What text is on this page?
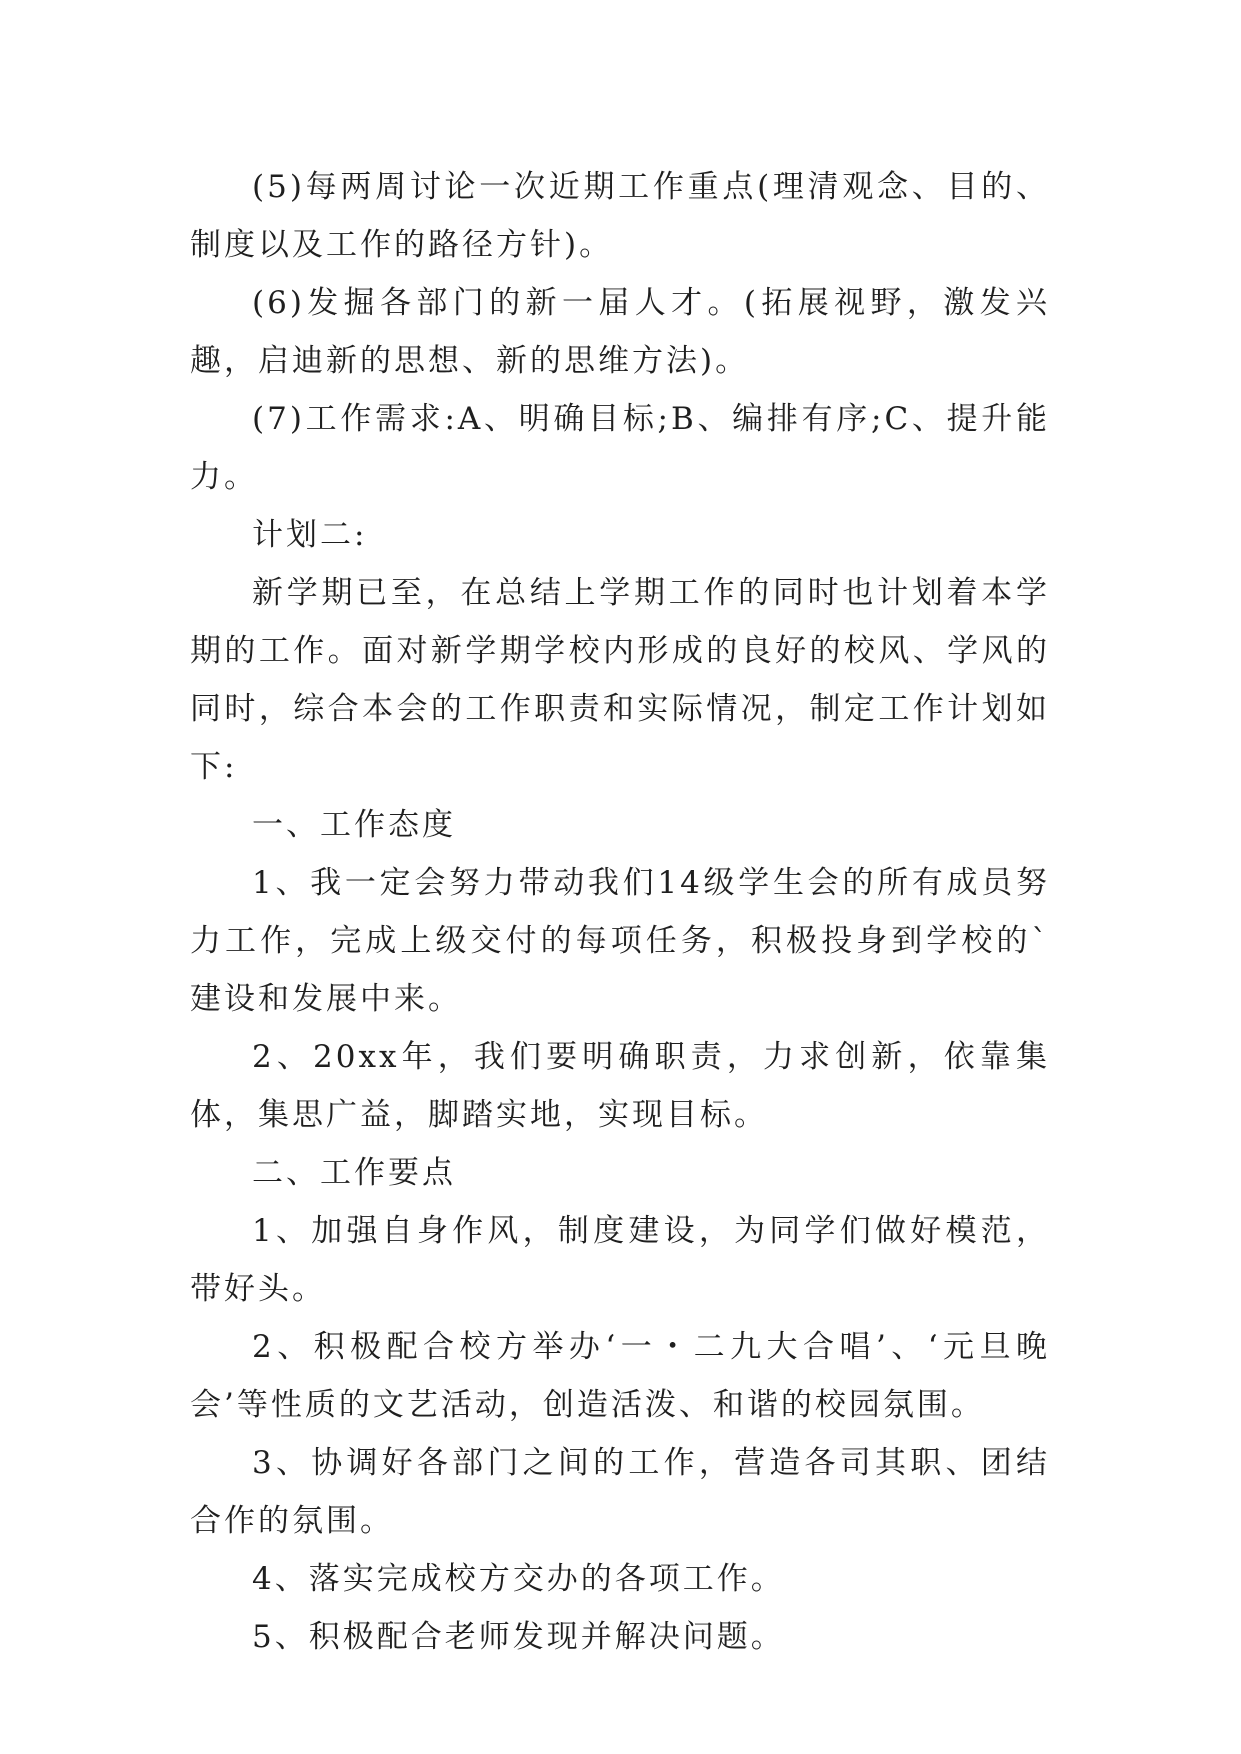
(5)每两周讨论一次近期工作重点(理清观念、目的、制度以及工作的路径方针)。

(6)发掘各部门的新一届人才。(拓展视野，激发兴趣，启迪新的思想、新的思维方法)。

(7)工作需求:A、明确目标;B、编排有序;C、提升能力。

计划二:

新学期已至，在总结上学期工作的同时也计划着本学期的工作。面对新学期学校内形成的良好的校风、学风的同时，综合本会的工作职责和实际情况，制定工作计划如下:

一、工作态度

1、我一定会努力带动我们14级学生会的所有成员努力工作，完成上级交付的每项任务，积极投身到学校的`建设和发展中来。

2、20xx年，我们要明确职责，力求创新，依靠集体，集思广益，脚踏实地，实现目标。

二、工作要点

1、加强自身作风，制度建设，为同学们做好模范，带好头。

2、积极配合校方举办‘一・二九大合唱’、‘元旦晚会’等性质的文艺活动，创造活泼、和谐的校园氛围。

3、协调好各部门之间的工作，营造各司其职、团结合作的氛围。

4、落实完成校方交办的各项工作。

5、积极配合老师发现并解决问题。
